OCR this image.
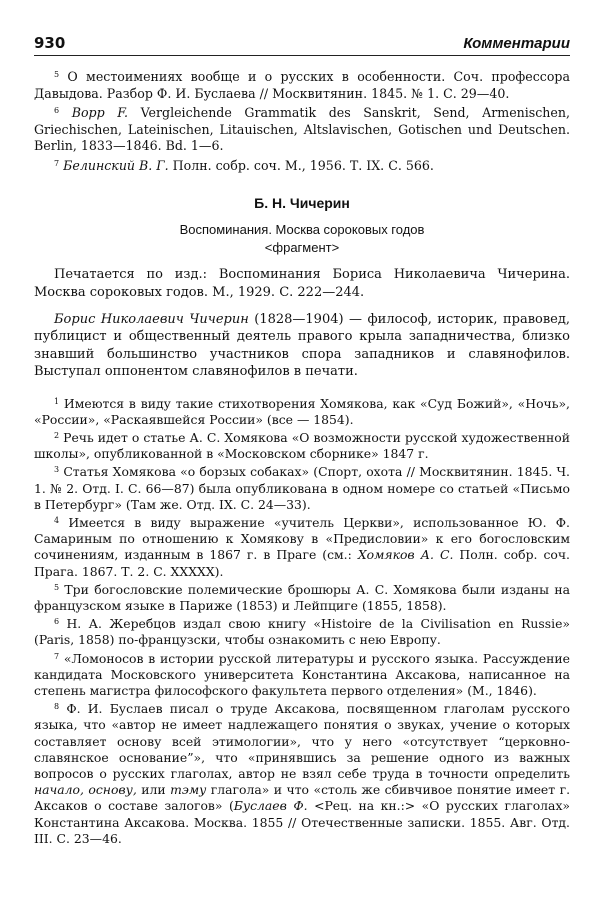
930	Комментарии

$^5$ О местоимениях вообще и о русских в особенности. Соч. профессора Давыдова. Разбор Ф. И. Буслаева // Москвитянин. 1845. № 1. С. 29—40.

$^6$ Bopp F. Vergleichende Grammatik des Sanskrit, Send, Armenischen, Griechischen, Lateinischen, Litauischen, Altslavischen, Gotischen und Deutschen. Berlin, 1833—1846. Bd. 1—6.

$^7$ Белинский В. Г. Полн. собр. соч. М., 1956. Т. IX. С. 566.

Б. Н. Чичерин
Воспоминания. Москва сороковых годов
<фрагмент>

Печатается по изд.: Воспоминания Бориса Николаевича Чичерина. Москва сороковых годов. М., 1929. С. 222—244.

Борис Николаевич Чичерин (1828—1904) — философ, историк, правовед, публицист и общественный деятель правого крыла западничества, близко знавший большинство участников спора западников и славянофилов. Выступал оппонентом славянофилов в печати.

$^1$ Имеются в виду такие стихотворения Хомякова, как «Суд Божий», «Ночь», «России», «Раскаявшейся России» (все — 1854).

$^2$ Речь идет о статье А. С. Хомякова «О возможности русской художественной школы», опубликованной в «Московском сборнике» 1847 г.

$^3$ Статья Хомякова «о борзых собаках» (Спорт, охота // Москвитянин. 1845. Ч. 1. № 2. Отд. I. С. 66—87) была опубликована в одном номере со статьей «Письмо в Петербург» (Там же. Отд. IX. С. 24—33).

$^4$ Имеется в виду выражение «учитель Церкви», использованное Ю. Ф. Самариным по отношению к Хомякову в «Предисловии» к его богословским сочинениям, изданным в 1867 г. в Праге (см.: Хомяков А. С. Полн. собр. соч. Прага. 1867. Т. 2. С. XXXXX).

$^5$ Три богословские полемические брошюры А. С. Хомякова были изданы на французском языке в Париже (1853) и Лейпциге (1855, 1858).

$^6$ Н. А. Жеребцов издал свою книгу «Histoire de la Civilisation en Russie» (Paris, 1858) по-французски, чтобы ознакомить с нею Европу.

$^7$ «Ломоносов в истории русской литературы и русского языка. Рассуждение кандидата Московского университета Константина Аксакова, написанное на степень магистра философского факультета первого отделения» (М., 1846).

$^8$ Ф. И. Буслаев писал о труде Аксакова, посвященном глаголам русского языка, что «автор не имеет надлежащего понятия о звуках, учение о которых составляет основу всей этимологии», что у него «отсутствует “церковно-славянское основание”», что «принявшись за решение одного из важных вопросов о русских глаголах, автор не взял себе труда в точности определить начало, основу, или тэму глагола» и что «столь же сбивчивое понятие имеет г. Аксаков о составе залогов» (Буслаев Ф. <Рец. на кн.:> «О русских глаголах» Константина Аксакова. Москва. 1855 // Отечественные записки. 1855. Авг. Отд. III. С. 23—46.
